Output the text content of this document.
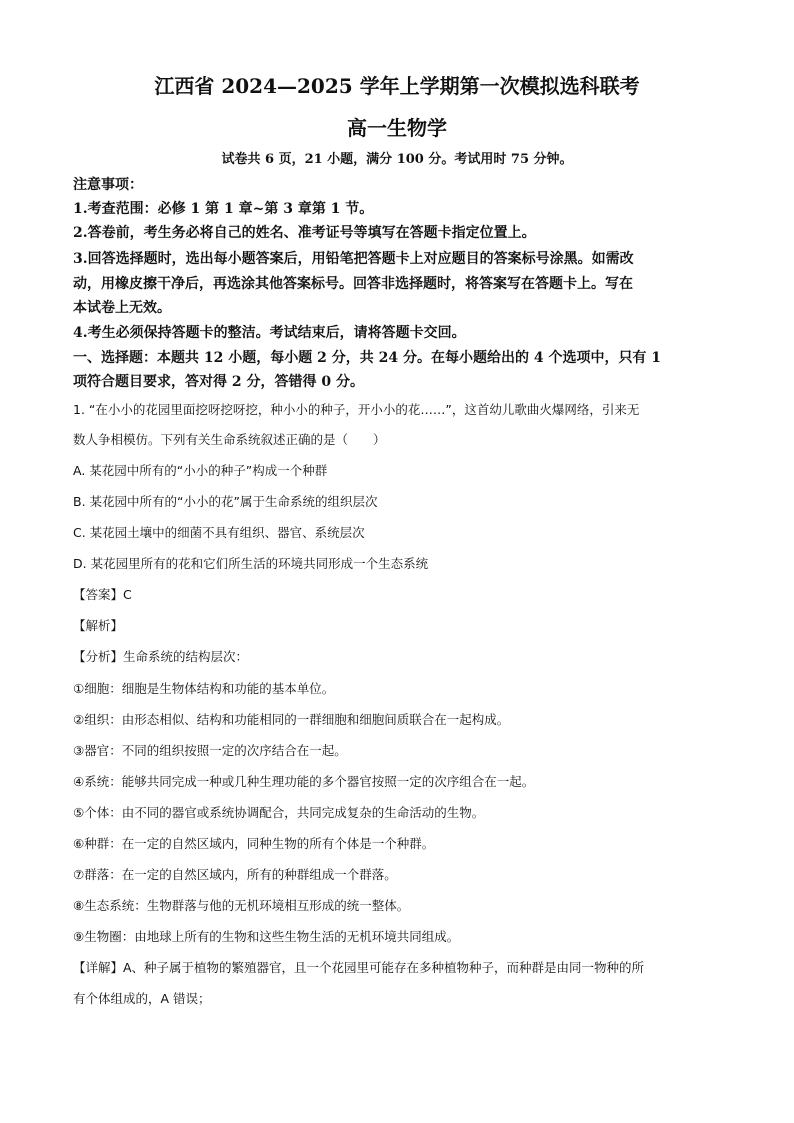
江西省 2024—2025 学年上学期第一次模拟选科联考
高一生物学
试卷共 6 页，21 小题，满分 100 分。考试用时 75 分钟。
注意事项：
1.考查范围：必修 1 第 1 章~第 3 章第 1 节。
2.答卷前，考生务必将自己的姓名、准考证号等填写在答题卡指定位置上。
3.回答选择题时，选出每小题答案后，用铅笔把答题卡上对应题目的答案标号涂黑。如需改
动，用橡皮擦干净后，再选涂其他答案标号。回答非选择题时，将答案写在答题卡上。写在
本试卷上无效。
4.考生必须保持答题卡的整洁。考试结束后，请将答题卡交回。
一、选择题：本题共 12 小题，每小题 2 分，共 24 分。在每小题给出的 4 个选项中，只有 1
项符合题目要求，答对得 2 分，答错得 0 分。
1. “在小小的花园里面挖呀挖呀挖，种小小的种子，开小小的花……”，这首幼儿歌曲火爆网络，引来无
数人争相模仿。下列有关生命系统叙述正确的是（　　）
A. 某花园中所有的“小小的种子”构成一个种群
B. 某花园中所有的“小小的花”属于生命系统的组织层次
C. 某花园土壤中的细菌不具有组织、器官、系统层次
D. 某花园里所有的花和它们所生活的环境共同形成一个生态系统
【答案】C
【解析】
【分析】生命系统的结构层次：
①细胞：细胞是生物体结构和功能的基本单位。
②组织：由形态相似、结构和功能相同的一群细胞和细胞间质联合在一起构成。
③器官：不同的组织按照一定的次序结合在一起。
④系统：能够共同完成一种或几种生理功能的多个器官按照一定的次序组合在一起。
⑤个体：由不同的器官或系统协调配合，共同完成复杂的生命活动的生物。
⑥种群：在一定的自然区域内，同种生物的所有个体是一个种群。
⑦群落：在一定的自然区域内，所有的种群组成一个群落。
⑧生态系统：生物群落与他的无机环境相互形成的统一整体。
⑨生物圈：由地球上所有的生物和这些生物生活的无机环境共同组成。
【详解】A、种子属于植物的繁殖器官，且一个花园里可能存在多种植物种子，而种群是由同一物种的所
有个体组成的，A 错误；
